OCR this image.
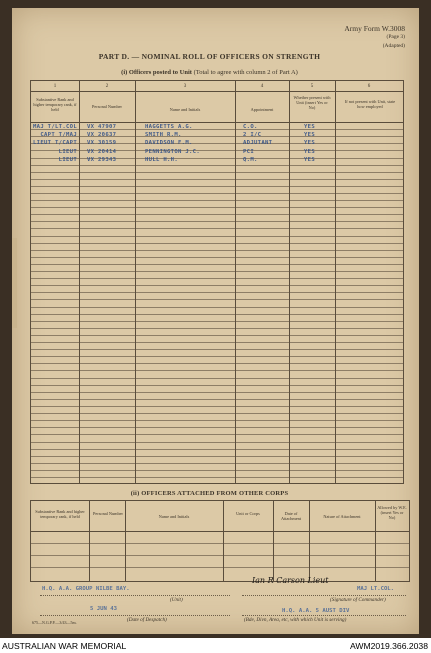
Army Form W.3008
(Page 3)
(Adapted)
PART D. — NOMINAL ROLL OF OFFICERS ON STRENGTH
(i) Officers posted to Unit (Total to agree with column 2 of Part A)
1	2	3	4	5	6
Substantive Rank and higher temporary rank, if held
Personal Number
Name and Initials	Appointment
Whether present with Unit (insert Yes or No)
If not present with Unit, state how employed
MAJ T/LT.COL VX 47907	HAGGETTS A.G.	C.O.	YES
CAPT T/MAJ VX 20637	SMITH R.M.	2 I/C	YES
LIEUT T/CAPT VX 30159	DAVIDSON F.M.	ADJUTANT	YES
LIEUT VX 20414	PENNINGTON J.C.	PCI	YES
LIEUT VX 29343	HULL H.H.	Q.M.	YES
(ii) OFFICERS ATTACHED FROM OTHER CORPS
Substantive Rank and higher temporary rank, if held
Personal Number
Name and Initials
Unit or Corps	Date of Attachment	Nature of Attachment
Allowed by W.E. (insert Yes or No)
H.Q. A.A. GROUP NILBE BAY.
(Unit)
Ian R Carson Lieut
MAJ LT.COL.
(Signature of Commander)
5 JUN 43
(Date of Despatch)
H.Q. A.A. 5 AUST DIV
(Bde, Divn, Area, etc, with which Unit is serving)
675—N.G.P.P.—3/43—5m.
AUSTRALIAN WAR MEMORIAL	AWM2019.366.2038
